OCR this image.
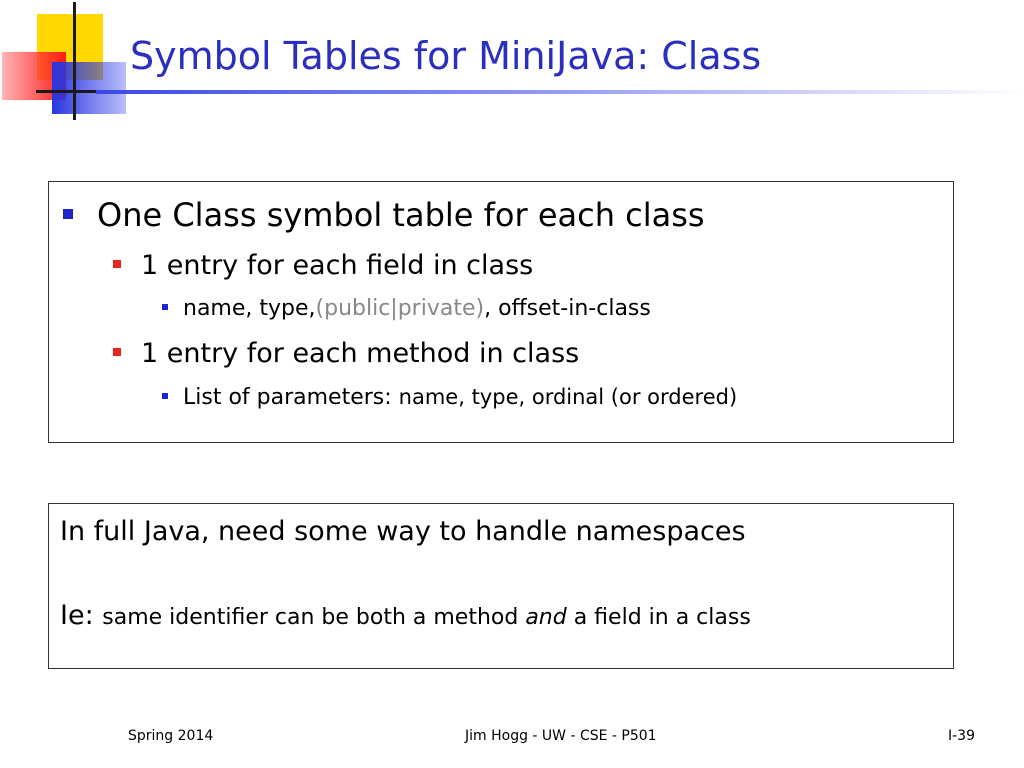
Symbol Tables for MiniJava: Class
One Class symbol table for each class
1 entry for each field in class
name, type, (public|private) , offset-in-class
1 entry for each method in class
List of parameters: name, type, ordinal (or ordered)
In full Java, need some way to handle namespaces
Ie: same identifier can be both a method and a field in a class
Spring 2014	Jim Hogg - UW - CSE - P501	I-39
